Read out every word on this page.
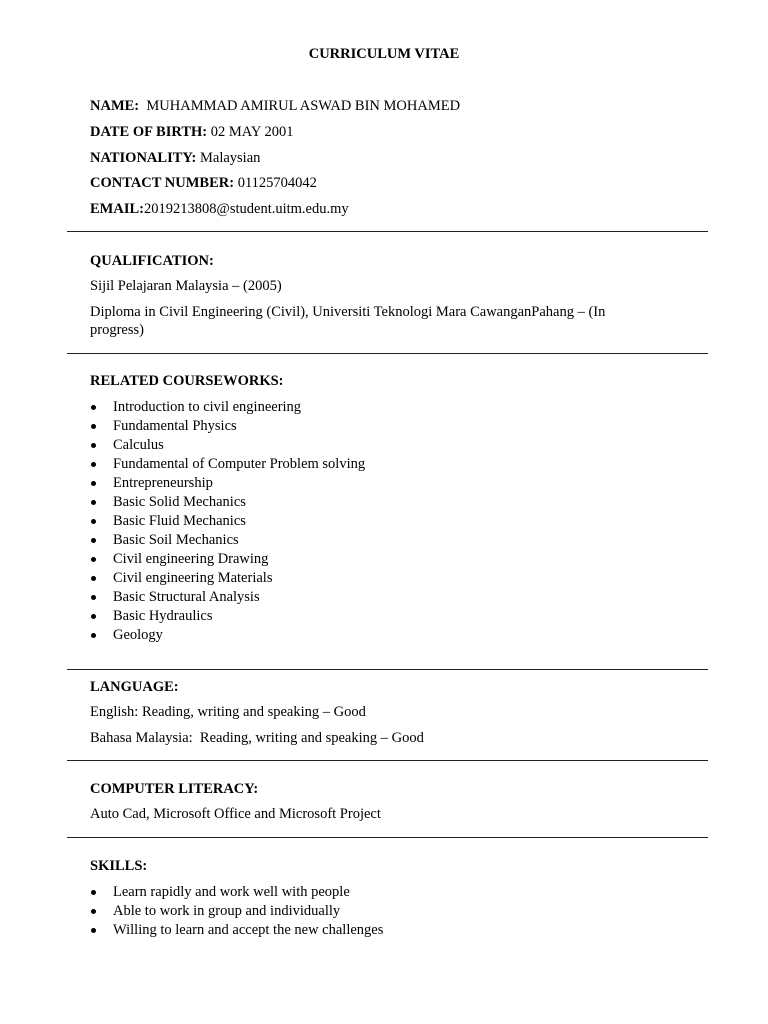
CURRICULUM VITAE
NAME: MUHAMMAD AMIRUL ASWAD BIN MOHAMED
DATE OF BIRTH: 02 MAY 2001
NATIONALITY: Malaysian
CONTACT NUMBER: 01125704042
EMAIL:2019213808@student.uitm.edu.my
QUALIFICATION:
Sijil Pelajaran Malaysia – (2005)
Diploma in Civil Engineering (Civil), Universiti Teknologi Mara CawanganPahang – (In progress)
RELATED COURSEWORKS:
Introduction to civil engineering
Fundamental Physics
Calculus
Fundamental of Computer Problem solving
Entrepreneurship
Basic Solid Mechanics
Basic Fluid Mechanics
Basic Soil Mechanics
Civil engineering Drawing
Civil engineering Materials
Basic Structural Analysis
Basic Hydraulics
Geology
LANGUAGE:
English: Reading, writing and speaking – Good
Bahasa Malaysia:  Reading, writing and speaking – Good
COMPUTER LITERACY:
Auto Cad, Microsoft Office and Microsoft Project
SKILLS:
Learn rapidly and work well with people
Able to work in group and individually
Willing to learn and accept the new challenges
